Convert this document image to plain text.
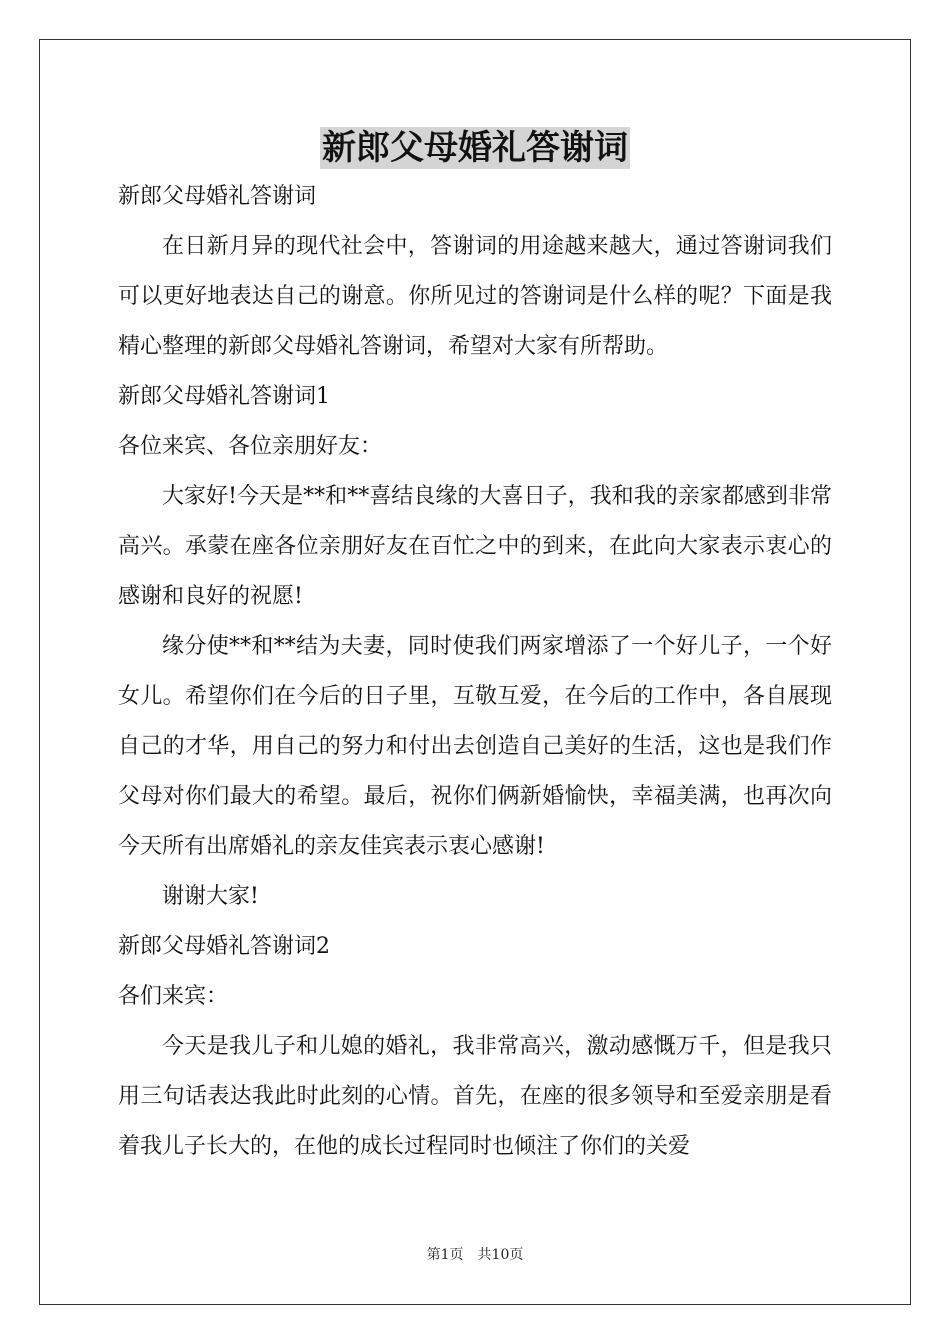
新郎父母婚礼答谢词

新郎父母婚礼答谢词

在日新月异的现代社会中，答谢词的用途越来越大，通过答谢词我们可以更好地表达自己的谢意。你所见过的答谢词是什么样的呢？下面是我精心整理的新郎父母婚礼答谢词，希望对大家有所帮助。

新郎父母婚礼答谢词1

各位来宾、各位亲朋好友：

大家好!今天是**和**喜结良缘的大喜日子，我和我的亲家都感到非常高兴。承蒙在座各位亲朋好友在百忙之中的到来，在此向大家表示衷心的感谢和良好的祝愿!

缘分使**和**结为夫妻，同时使我们两家增添了一个好儿子，一个好女儿。希望你们在今后的日子里，互敬互爱，在今后的工作中，各自展现自己的才华，用自己的努力和付出去创造自己美好的生活，这也是我们作父母对你们最大的希望。最后，祝你们俩新婚愉快，幸福美满，也再次向今天所有出席婚礼的亲友佳宾表示衷心感谢!

谢谢大家!

新郎父母婚礼答谢词2

各们来宾：

今天是我儿子和儿媳的婚礼，我非常高兴，激动感慨万千，但是我只用三句话表达我此时此刻的心情。首先，在座的很多领导和至爱亲朋是看着我儿子长大的，在他的成长过程同时也倾注了你们的关爱

第1页　共10页
